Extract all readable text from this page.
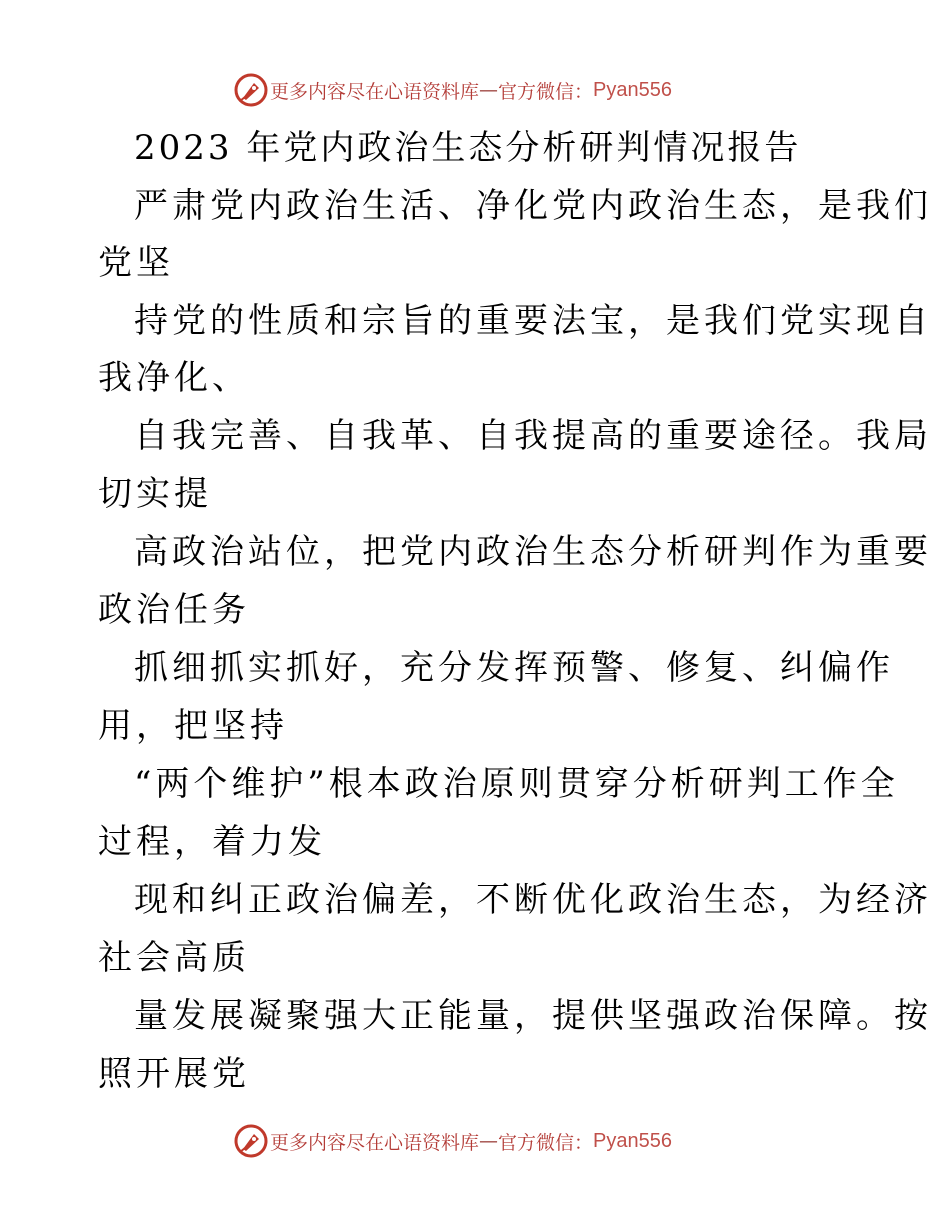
更多内容尽在心语资料库 — 官方微信： Pyan556
2023 年党内政治生态分析研判情况报告
严肃党内政治生活、净化党内政治生态，是我们
党坚
持党的性质和宗旨的重要法宝，是我们党实现自
我净化、
自我完善、自我革、自我提高的重要途径。我局
切实提
高政治站位，把党内政治生态分析研判作为重要
政治任务
抓细抓实抓好，充分发挥预警、修复、纠偏作
用，把坚持
“两个维护”根本政治原则贯穿分析研判工作全
过程，着力发
现和纠正政治偏差，不断优化政治生态，为经济
社会高质
量发展凝聚强大正能量，提供坚强政治保障。按
照开展党
更多内容尽在心语资料库 — 官方微信： Pyan556
